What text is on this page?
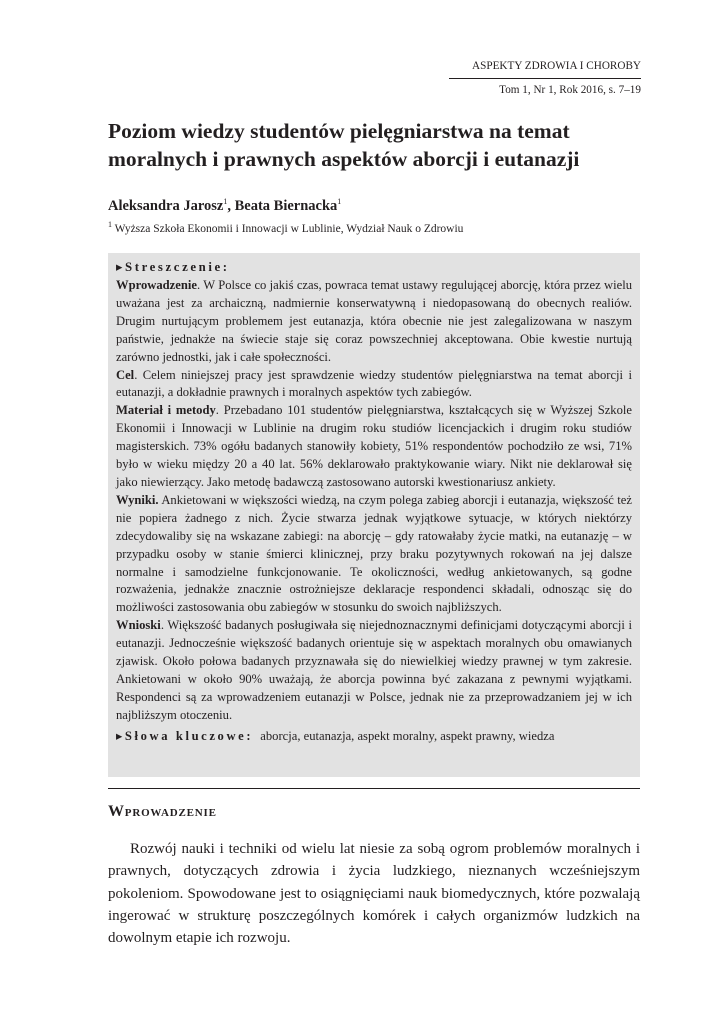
ASPEKTY ZDROWIA I CHOROBY
Tom 1, Nr 1, Rok 2016, s. 7–19
Poziom wiedzy studentów pielęgniarstwa na temat moralnych i prawnych aspektów aborcji i eutanazji
Aleksandra Jarosz$^1$, Beata Biernacka$^1$
$^1$ Wyższa Szkoła Ekonomii i Innowacji w Lublinie, Wydział Nauk o Zdrowiu
▸Streszczenie:

Wprowadzenie. W Polsce co jakiś czas, powraca temat ustawy regulującej aborcję, która przez wielu uważana jest za archaiczną, nadmiernie konserwatywną i niedopasowaną do obecnych realiów. Drugim nurtującym problemem jest eutanazja, która obecnie nie jest zalegalizowana w naszym państwie, jednakże na świecie staje się coraz powszechniej akceptowana. Obie kwestie nurtują zarówno jednostki, jak i całe społeczności.
Cel. Celem niniejszej pracy jest sprawdzenie wiedzy studentów pielęgniarstwa na temat aborcji i eutanazji, a dokładnie prawnych i moralnych aspektów tych zabiegów.
Materiał i metody. Przebadano 101 studentów pielęgniarstwa, kształcących się w Wyższej Szkole Ekonomii i Innowacji w Lublinie na drugim roku studiów licencjackich i drugim roku studiów magisterskich. 73% ogółu badanych stanowiły kobiety, 51% respondentów pochodziło ze wsi, 71% było w wieku między 20 a 40 lat. 56% deklarowało praktykowanie wiary. Nikt nie deklarował się jako niewierzący. Jako metodę badawczą zastosowano autorski kwestionariusz ankiety.
Wyniki. Ankietowani w większości wiedzą, na czym polega zabieg aborcji i eutanazja, większość też nie popiera żadnego z nich. Życie stwarza jednak wyjątkowe sytuacje, w których niektórzy zdecydowaliby się na wskazane zabiegi: na aborcję – gdy ratowałaby życie matki, na eutanazję – w przypadku osoby w stanie śmierci klinicznej, przy braku pozytywnych rokowań na jej dalsze normalne i samodzielne funkcjonowanie. Te okoliczności, według ankietowanych, są godne rozważenia, jednakże znacznie ostrożniejsze deklaracje respondenci składali, odnosząc się do możliwości zastosowania obu zabiegów w stosunku do swoich najbliższych.
Wnioski. Większość badanych posługiwała się niejednoznacznymi definicjami dotyczącymi aborcji i eutanazji. Jednocześnie większość badanych orientuje się w aspektach moralnych obu omawianych zjawisk. Około połowa badanych przyznawała się do niewielkiej wiedzy prawnej w tym zakresie. Ankietowani w około 90% uważają, że aborcja powinna być zakazana z pewnymi wyjątkami. Respondenci są za wprowadzeniem eutanazji w Polsce, jednak nie za przeprowadzaniem jej w ich najbliższym otoczeniu.

▸Słowa kluczowe: aborcja, eutanazja, aspekt moralny, aspekt prawny, wiedza
Wprowadzenie

Rozwój nauki i techniki od wielu lat niesie za sobą ogrom problemów moralnych i prawnych, dotyczących zdrowia i życia ludzkiego, nieznanych wcześniejszym pokoleniom. Spowodowane jest to osiągnięciami nauk biomedycznych, które pozwalają ingerować w strukturę poszczególnych komórek i całych organizmów ludzkich na dowolnym etapie ich rozwoju.
